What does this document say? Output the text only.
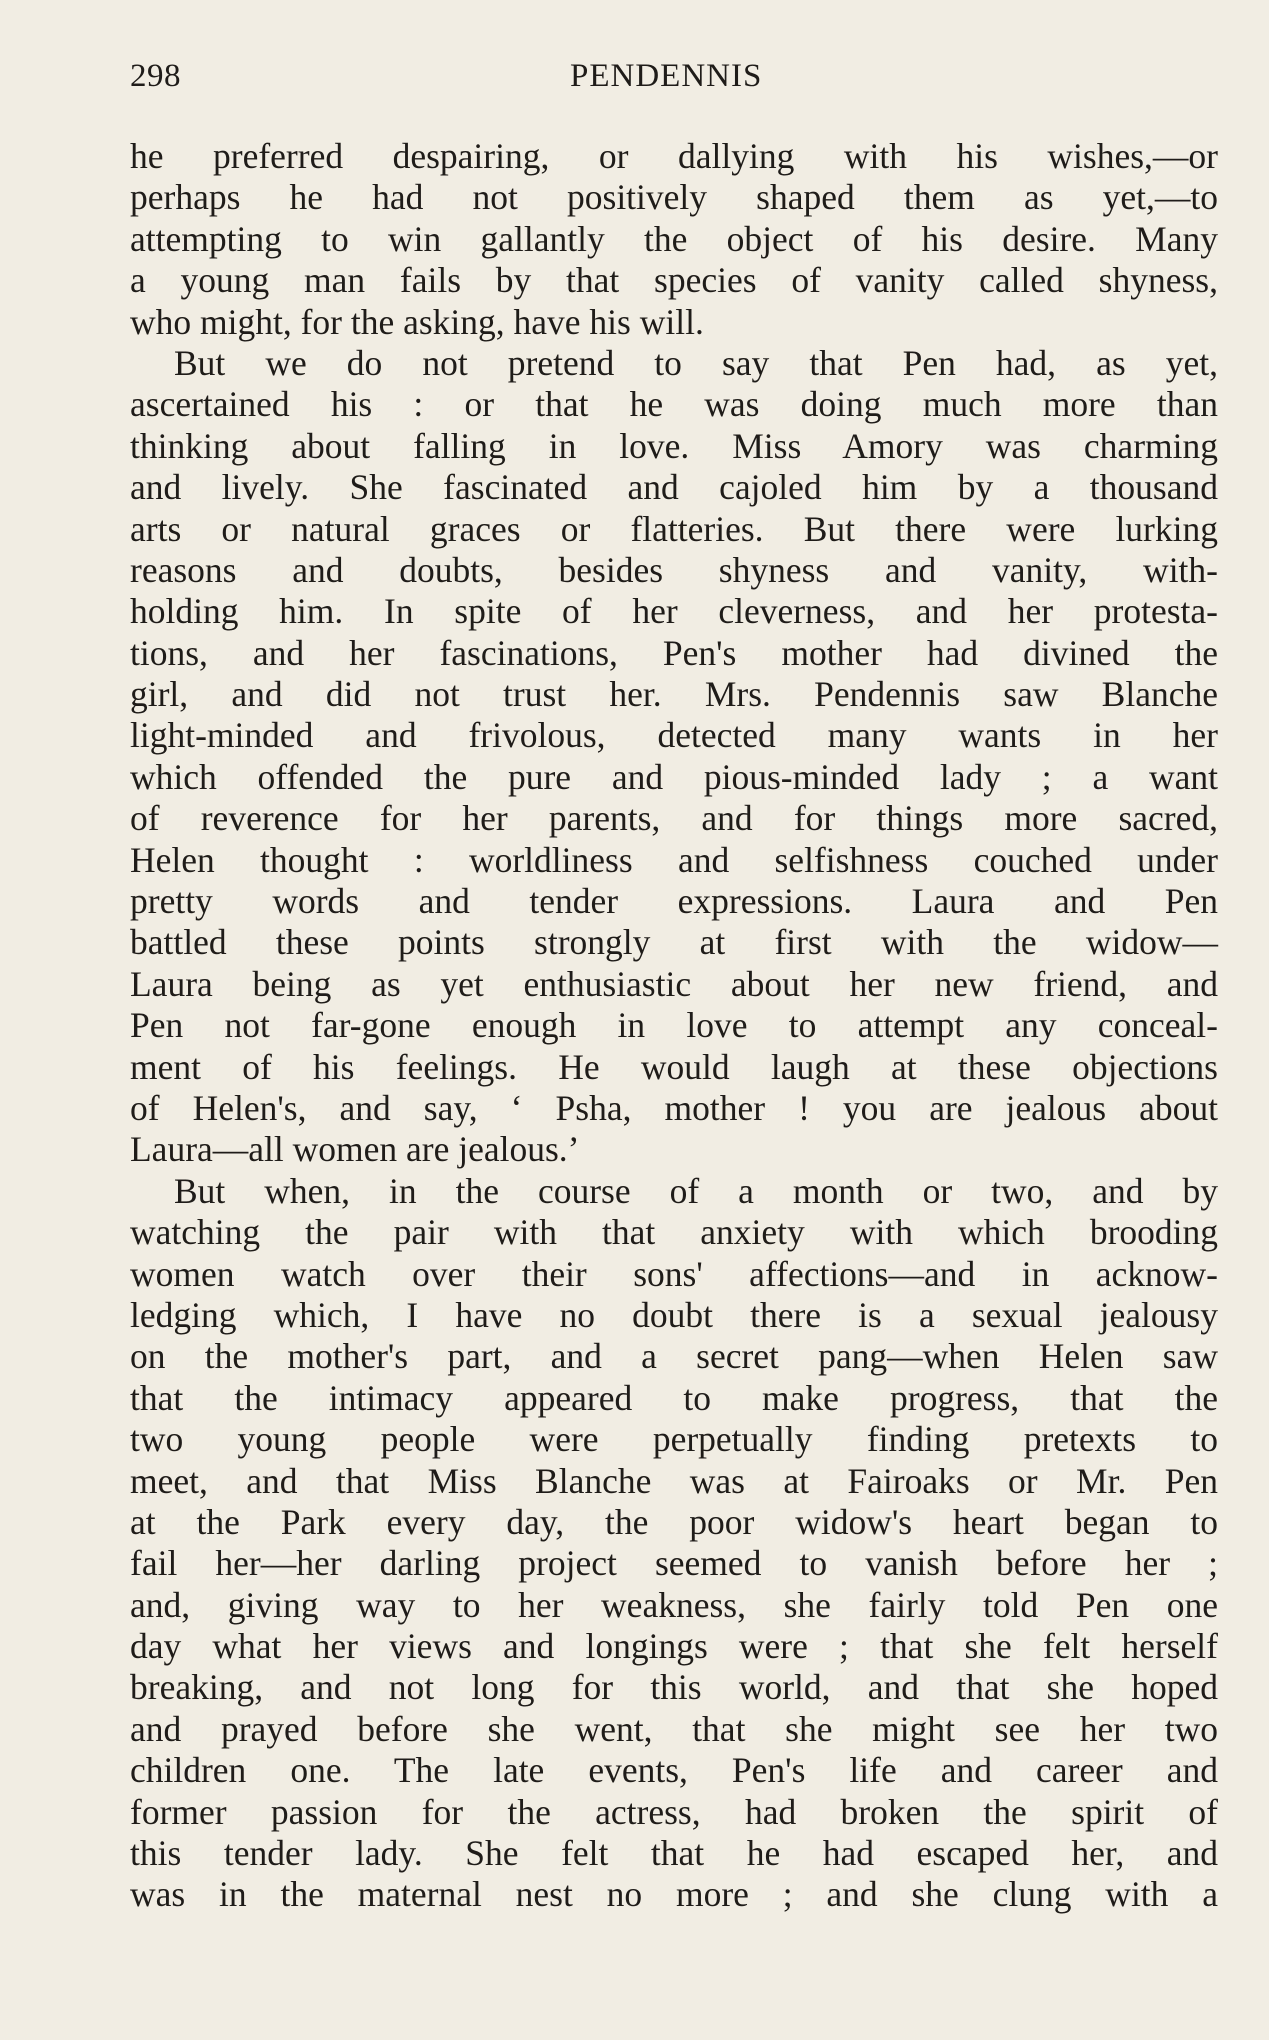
298	PENDENNIS
he preferred despairing, or dallying with his wishes,—or
perhaps he had not positively shaped them as yet,—to
attempting to win gallantly the object of his desire. Many
a young man fails by that species of vanity called shyness,
who might, for the asking, have his will.
But we do not pretend to say that Pen had, as yet,
ascertained his : or that he was doing much more than
thinking about falling in love. Miss Amory was charming
and lively. She fascinated and cajoled him by a thousand
arts or natural graces or flatteries. But there were lurking
reasons and doubts, besides shyness and vanity, with-
holding him. In spite of her cleverness, and her protesta-
tions, and her fascinations, Pen's mother had divined the
girl, and did not trust her. Mrs. Pendennis saw Blanche
light-minded and frivolous, detected many wants in her
which offended the pure and pious-minded lady ; a want
of reverence for her parents, and for things more sacred,
Helen thought : worldliness and selfishness couched under
pretty words and tender expressions. Laura and Pen
battled these points strongly at first with the widow—
Laura being as yet enthusiastic about her new friend, and
Pen not far-gone enough in love to attempt any conceal-
ment of his feelings. He would laugh at these objections
of Helen's, and say, ‘ Psha, mother ! you are jealous about
Laura—all women are jealous.’
But when, in the course of a month or two, and by
watching the pair with that anxiety with which brooding
women watch over their sons' affections—and in acknow-
ledging which, I have no doubt there is a sexual jealousy
on the mother's part, and a secret pang—when Helen saw
that the intimacy appeared to make progress, that the
two young people were perpetually finding pretexts to
meet, and that Miss Blanche was at Fairoaks or Mr. Pen
at the Park every day, the poor widow's heart began to
fail her—her darling project seemed to vanish before her ;
and, giving way to her weakness, she fairly told Pen one
day what her views and longings were ; that she felt herself
breaking, and not long for this world, and that she hoped
and prayed before she went, that she might see her two
children one. The late events, Pen's life and career and
former passion for the actress, had broken the spirit of
this tender lady. She felt that he had escaped her, and
was in the maternal nest no more ; and she clung with a
